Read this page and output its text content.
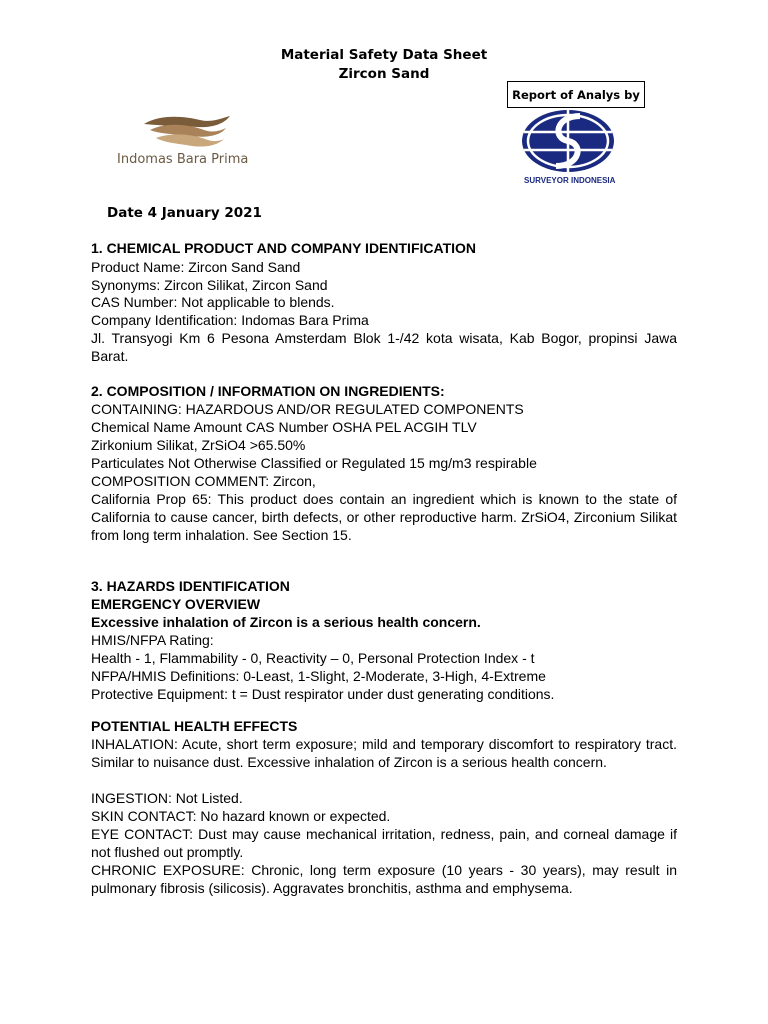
Material Safety Data Sheet
Zircon Sand
Indomas Bara Prima
Report of Analys by
SURVEYOR INDONESIA
Date 4 January 2021
1. CHEMICAL PRODUCT AND COMPANY IDENTIFICATION
Product Name: Zircon Sand Sand
Synonyms: Zircon Silikat, Zircon Sand
CAS Number: Not applicable to blends.
Company Identification: Indomas Bara Prima
Jl. Transyogi Km 6 Pesona Amsterdam Blok 1-/42 kota wisata, Kab Bogor, propinsi Jawa Barat.
2. COMPOSITION / INFORMATION ON INGREDIENTS:
CONTAINING: HAZARDOUS AND/OR REGULATED COMPONENTS
Chemical Name Amount CAS Number OSHA PEL ACGIH TLV
Zirkonium Silikat, ZrSiO4 >65.50%
Particulates Not Otherwise Classified or Regulated 15 mg/m3 respirable
COMPOSITION COMMENT: Zircon,
California Prop 65: This product does contain an ingredient which is known to the state of California to cause cancer, birth defects, or other reproductive harm. ZrSiO4, Zirconium Silikat from long term inhalation. See Section 15.
3. HAZARDS IDENTIFICATION
EMERGENCY OVERVIEW
Excessive inhalation of Zircon is a serious health concern.
HMIS/NFPA Rating:
Health - 1, Flammability - 0, Reactivity – 0, Personal Protection Index - t
NFPA/HMIS Definitions: 0-Least, 1-Slight, 2-Moderate, 3-High, 4-Extreme
Protective Equipment: t = Dust respirator under dust generating conditions.
POTENTIAL HEALTH EFFECTS
INHALATION: Acute, short term exposure; mild and temporary discomfort to respiratory tract. Similar to nuisance dust. Excessive inhalation of Zircon is a serious health concern.
INGESTION: Not Listed.
SKIN CONTACT: No hazard known or expected.
EYE CONTACT: Dust may cause mechanical irritation, redness, pain, and corneal damage if not flushed out promptly.
CHRONIC EXPOSURE: Chronic, long term exposure (10 years - 30 years), may result in pulmonary fibrosis (silicosis). Aggravates bronchitis, asthma and emphysema.
